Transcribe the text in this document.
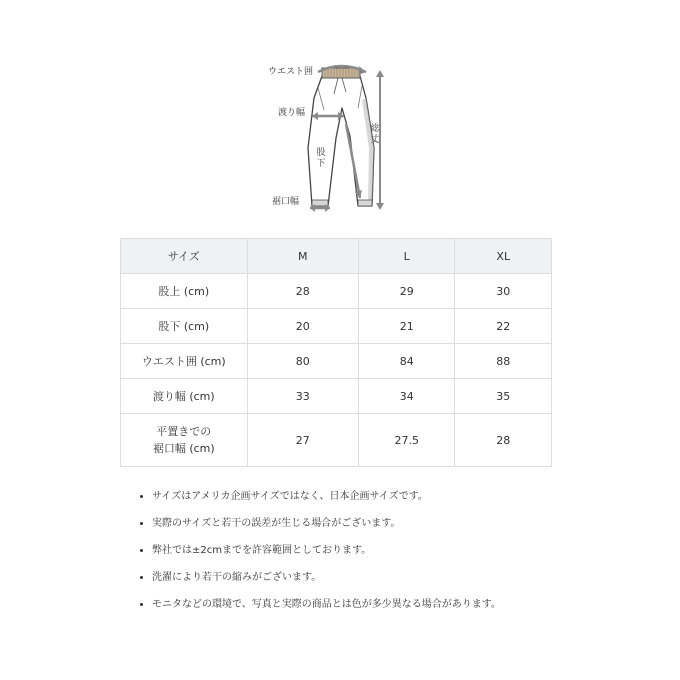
ウエスト囲
渡り幅
股下
総丈
裾口幅
サイズ	M	L	XL
股上 (cm)	28	29	30
股下 (cm)	20	21	22
ウエスト囲 (cm)	80	84	88
渡り幅 (cm)	33	34	35
平置きでの
裾口幅 (cm)	27	27.5	28
• サイズはアメリカ企画サイズではなく、日本企画サイズです。
• 実際のサイズと若干の誤差が生じる場合がございます。
• 弊社では±2cmまでを許容範囲としております。
• 洗濯により若干の縮みがございます。
• モニタなどの環境で、写真と実際の商品とは色が多少異なる場合があります。
